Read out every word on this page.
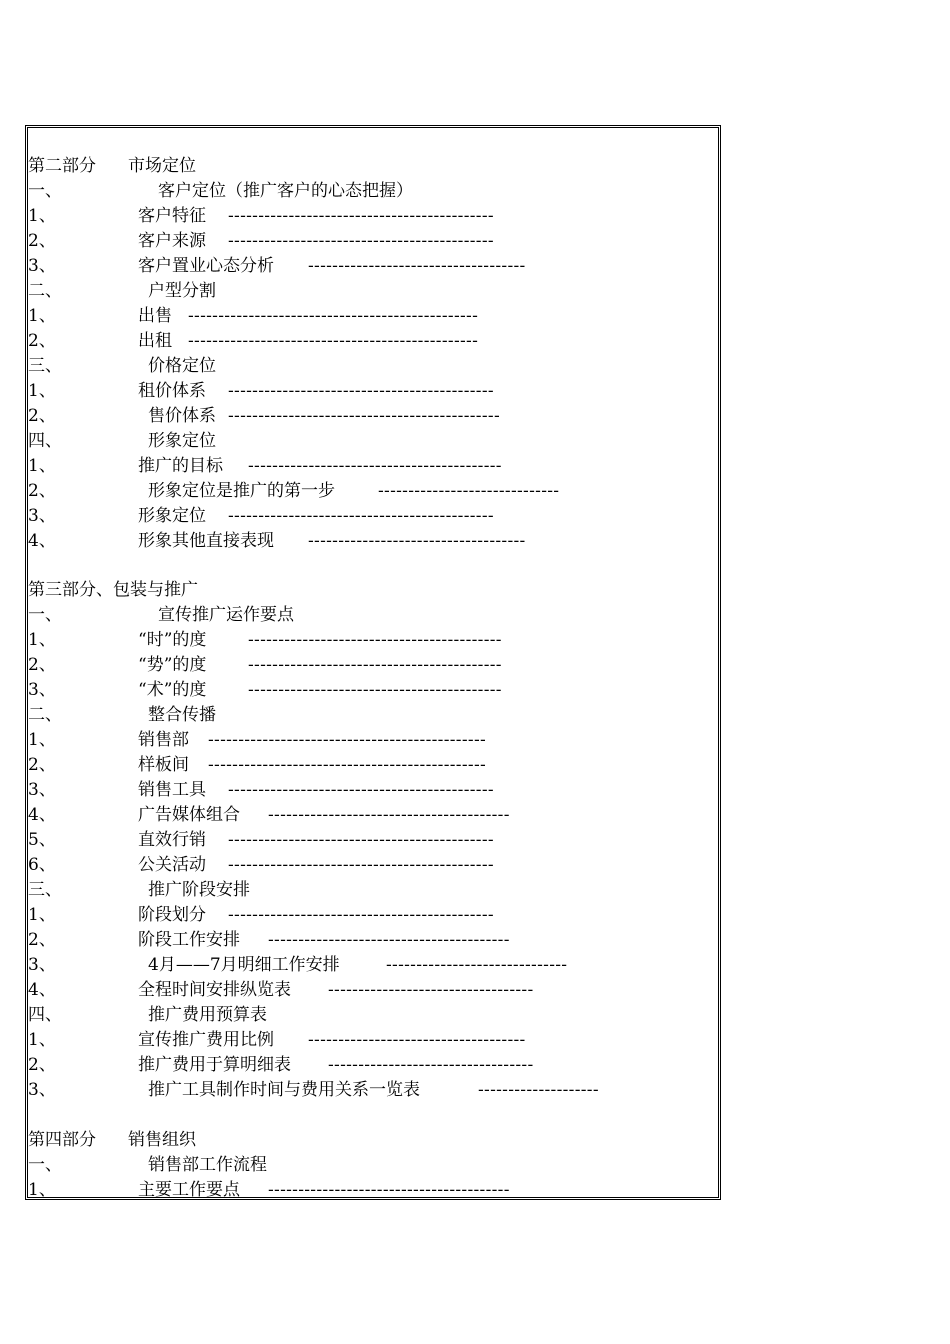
第二部分 市场定位
一、	客户定位（推广客户的心态把握）
1、	客户特征 --------------------------------------------
2、	客户来源 --------------------------------------------
3、	客户置业心态分析 ------------------------------------
二、	户型分割
1、	出售 ------------------------------------------------
2、	出租 ------------------------------------------------
三、	价格定位
1、	租价体系 --------------------------------------------
2、	售价体系 ---------------------------------------------
四、	形象定位
1、	推广的目标 ------------------------------------------
2、	形象定位是推广的第一步	------------------------------
3、	形象定位 --------------------------------------------
4、	形象其他直接表现 ------------------------------------
第三部分、包装与推广
一、	宣传推广运作要点
1、	“时”的度 ------------------------------------------
2、	“势”的度 ------------------------------------------
3、	“术”的度 ------------------------------------------
二、	整合传播
1、	销售部 ----------------------------------------------
2、	样板间 ----------------------------------------------
3、	销售工具 --------------------------------------------
4、	广告媒体组合 ----------------------------------------
5、	直效行销 --------------------------------------------
6、	公关活动 --------------------------------------------
三、	推广阶段安排
1、	阶段划分 --------------------------------------------
2、	阶段工作安排 ----------------------------------------
3、	4月——7月明细工作安排	------------------------------
4、	全程时间安排纵览表 ----------------------------------
四、	推广费用预算表
1、	宣传推广费用比例 ------------------------------------
2、	推广费用于算明细表 ----------------------------------
3、	推广工具制作时间与费用关系一览表	--------------------
第四部分 销售组织
一、	销售部工作流程
1、	主要工作要点 ----------------------------------------
